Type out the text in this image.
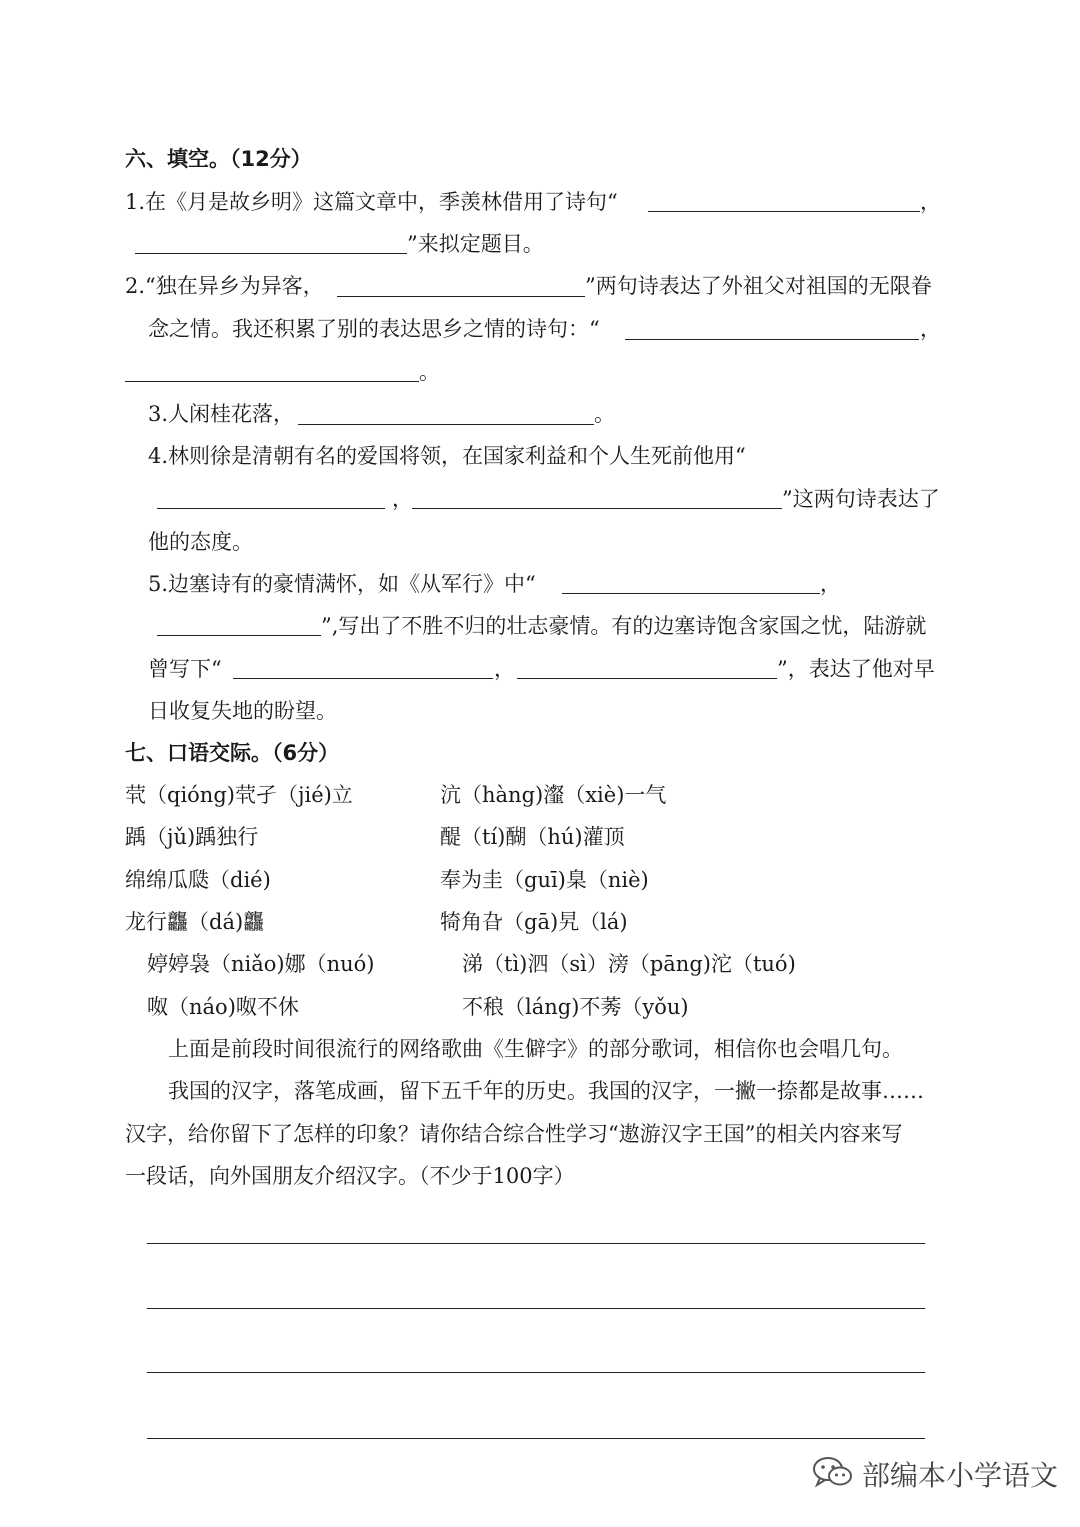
六、填空。（12分）
1.在《月是故乡明》这篇文章中，季羡林借用了诗句“	，
”来拟定题目。
2.“独在异乡为异客，	”两句诗表达了外祖父对祖国的无限眷
念之情。我还积累了别的表达思乡之情的诗句：“	，
。
3.人闲桂花落，	。
4.林则徐是清朝有名的爱国将领，在国家利益和个人生死前他用“
，	”这两句诗表达了
他的态度。
5.边塞诗有的豪情满怀，如《从军行》中“	，
”,写出了不胜不归的壮志豪情。有的边塞诗饱含家国之忧，陆游就
曾写下“	，	”，表达了他对早
日收复失地的盼望。
七、口语交际。（6分）
茕（qióng)茕孑（jié)立	沆（hàng)瀣（xiè)一气
踽（jǔ)踽独行	醍（tí)醐（hú)灌顶
绵绵瓜瓞（dié)	奉为圭（guī)臬（niè)
龙行龘（dá)龘	犄角旮（gā)旯（lá)
婷婷袅（niǎo)娜（nuó)	涕（tì)泗（sì）滂（pāng)沱（tuó)
呶（náo)呶不休	不稂（láng)不莠（yǒu)
上面是前段时间很流行的网络歌曲《生僻字》的部分歌词，相信你也会唱几句。
我国的汉字，落笔成画，留下五千年的历史。我国的汉字，一撇一捺都是故事……
汉字，给你留下了怎样的印象？请你结合综合性学习“遨游汉字王国”的相关内容来写
一段话，向外国朋友介绍汉字。（不少于100字）
部编本小学语文
